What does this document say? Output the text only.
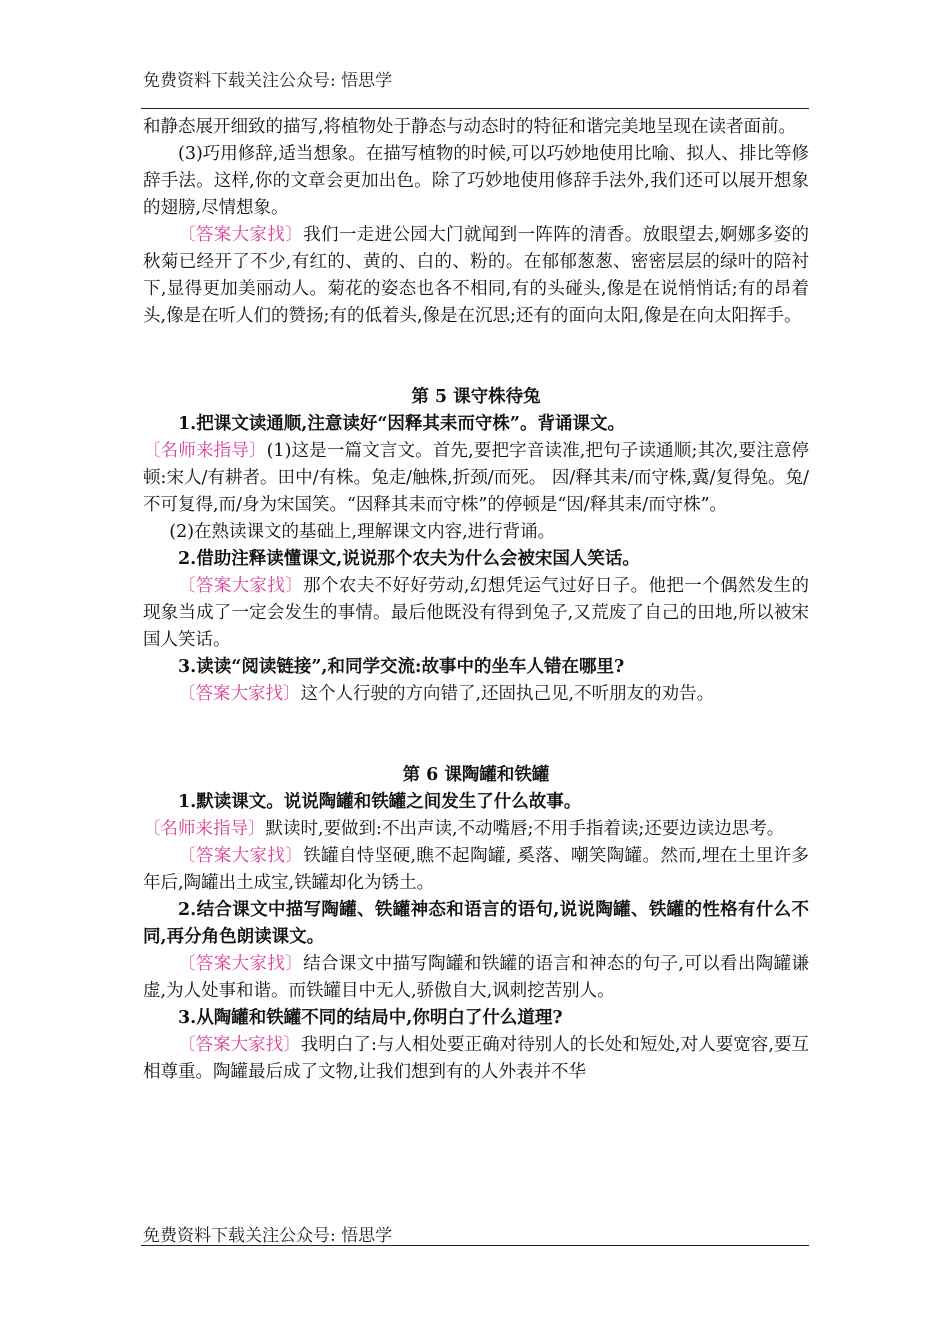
免费资料下载关注公众号: 悟思学

和静态展开细致的描写,将植物处于静态与动态时的特征和谐完美地呈现在读者面前。

(3)巧用修辞,适当想象。在描写植物的时候,可以巧妙地使用比喻、拟人、排比等修辞手法。这样,你的文章会更加出色。除了巧妙地使用修辞手法外,我们还可以展开想象的翅膀,尽情想象。

〔答案大家找〕我们一走进公园大门就闻到一阵阵的清香。放眼望去,婀娜多姿的秋菊已经开了不少,有红的、黄的、白的、粉的。在郁郁葱葱、密密层层的绿叶的陪衬下,显得更加美丽动人。菊花的姿态也各不相同,有的头碰头,像是在说悄悄话;有的昂着头,像是在听人们的赞扬;有的低着头,像是在沉思;还有的面向太阳,像是在向太阳挥手。

第 5 课守株待兔

1.把课文读通顺,注意读好“因释其耒而守株”。背诵课文。

〔名师来指导〕(1)这是一篇文言文。首先,要把字音读准,把句子读通顺;其次,要注意停顿:宋人/有耕者。田中/有株。兔走/触株,折颈/而死。 因/释其耒/而守株,冀/复得兔。兔/不可复得,而/身为宋国笑。“因释其耒而守株”的停顿是“因/释其耒/而守株”。

(2)在熟读课文的基础上,理解课文内容,进行背诵。

2.借助注释读懂课文,说说那个农夫为什么会被宋国人笑话。

〔答案大家找〕那个农夫不好好劳动,幻想凭运气过好日子。他把一个偶然发生的现象当成了一定会发生的事情。最后他既没有得到兔子,又荒废了自己的田地,所以被宋国人笑话。

3.读读“阅读链接”,和同学交流:故事中的坐车人错在哪里?

〔答案大家找〕这个人行驶的方向错了,还固执己见,不听朋友的劝告。

第 6 课陶罐和铁罐

1.默读课文。说说陶罐和铁罐之间发生了什么故事。

〔名师来指导〕默读时,要做到:不出声读,不动嘴唇;不用手指着读;还要边读边思考。

〔答案大家找〕铁罐自恃坚硬,瞧不起陶罐, 奚落、嘲笑陶罐。然而,埋在土里许多年后,陶罐出土成宝,铁罐却化为锈土。

2.结合课文中描写陶罐、铁罐神态和语言的语句,说说陶罐、铁罐的性格有什么不同,再分角色朗读课文。

〔答案大家找〕结合课文中描写陶罐和铁罐的语言和神态的句子,可以看出陶罐谦虚,为人处事和谐。而铁罐目中无人,骄傲自大,讽刺挖苦别人。

3.从陶罐和铁罐不同的结局中,你明白了什么道理?

〔答案大家找〕我明白了:与人相处要正确对待别人的长处和短处,对人要宽容,要互相尊重。陶罐最后成了文物,让我们想到有的人外表并不华

免费资料下载关注公众号: 悟思学
